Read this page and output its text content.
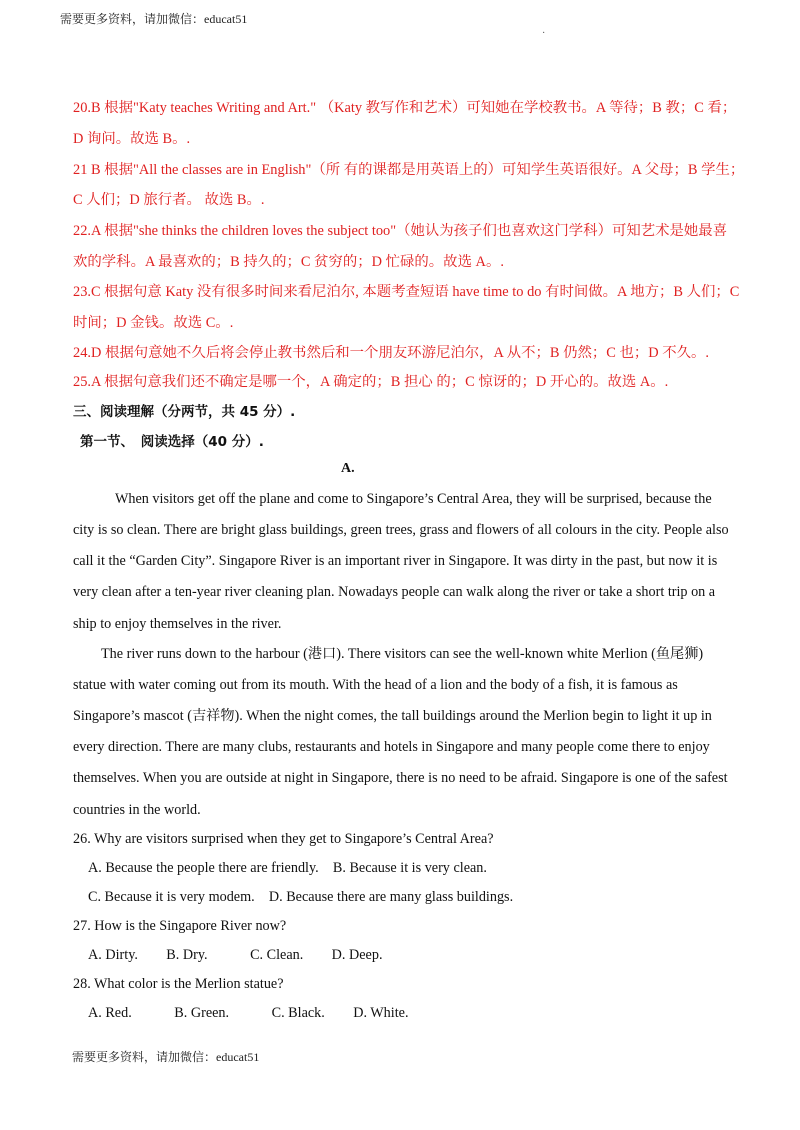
需要更多资料，请加微信：educat51
·
20.B 根据"Katy teaches Writing and Art." （Katy 教写作和艺术）可知她在学校教书。A 等待；B 教；C 看；
D 询问。故选 B。.
21 B 根据"All the classes are in English"（所 有的课都是用英语上的）可知学生英语很好。A 父母；B 学生；
C 人们；D 旅行者。 故选 B。.
22.A 根据"she thinks the children loves the subject too"（她认为孩子们也喜欢这门学科）可知艺术是她最喜
欢的学科。A 最喜欢的；B 持久的；C 贫穷的；D 忙碌的。故选 A。.
23.C 根据句意 Katy 没有很多时间来看尼泊尔, 本题考查短语 have time to do 有时间做。A 地方；B 人们；C
时间；D 金钱。故选 C。.
24.D 根据句意她不久后将会停止教书然后和一个朋友环游尼泊尔，A 从不；B 仍然；C 也；D 不久。.
25.A 根据句意我们还不确定是哪一个，A 确定的；B 担心 的；C 惊讶的；D 开心的。故选 A。.
三、阅读理解（分两节，共 45 分）.
第一节、　阅读选择（40 分）.
A.
When visitors get off the plane and come to Singapore’s Central Area, they will be surprised, because the
city is so clean. There are bright glass buildings, green trees, grass and flowers of all colours in the city. People also
call it the “Garden City”. Singapore River is an important river in Singapore. It was dirty in the past, but now it is
very clean after a ten-year river cleaning plan. Nowadays people can walk along the river or take a short trip on a
ship to enjoy themselves in the river.
The river runs down to the harbour (港口). There visitors can see the well-known white Merlion (鱼尾狮)
statue with water coming out from its mouth. With the head of a lion and the body of a fish, it is famous as
Singapore’s mascot (吉祥物). When the night comes, the tall buildings around the Merlion begin to light it up in
every direction. There are many clubs, restaurants and hotels in Singapore and many people come there to enjoy
themselves. When you are outside at night in Singapore, there is no need to be afraid. Singapore is one of the safest
countries in the world.
26. Why are visitors surprised when they get to Singapore’s Central Area?
A. Because the people there are friendly.　B. Because it is very clean.
C. Because it is very modem.　D. Because there are many glass buildings.
27. How is the Singapore River now?
A. Dirty.　　B. Dry.　　　C. Clean.　　D. Deep.
28. What color is the Merlion statue?
A. Red.　　　B. Green.　　　C. Black.　　D. White.
需要更多资料，请加微信：educat51
